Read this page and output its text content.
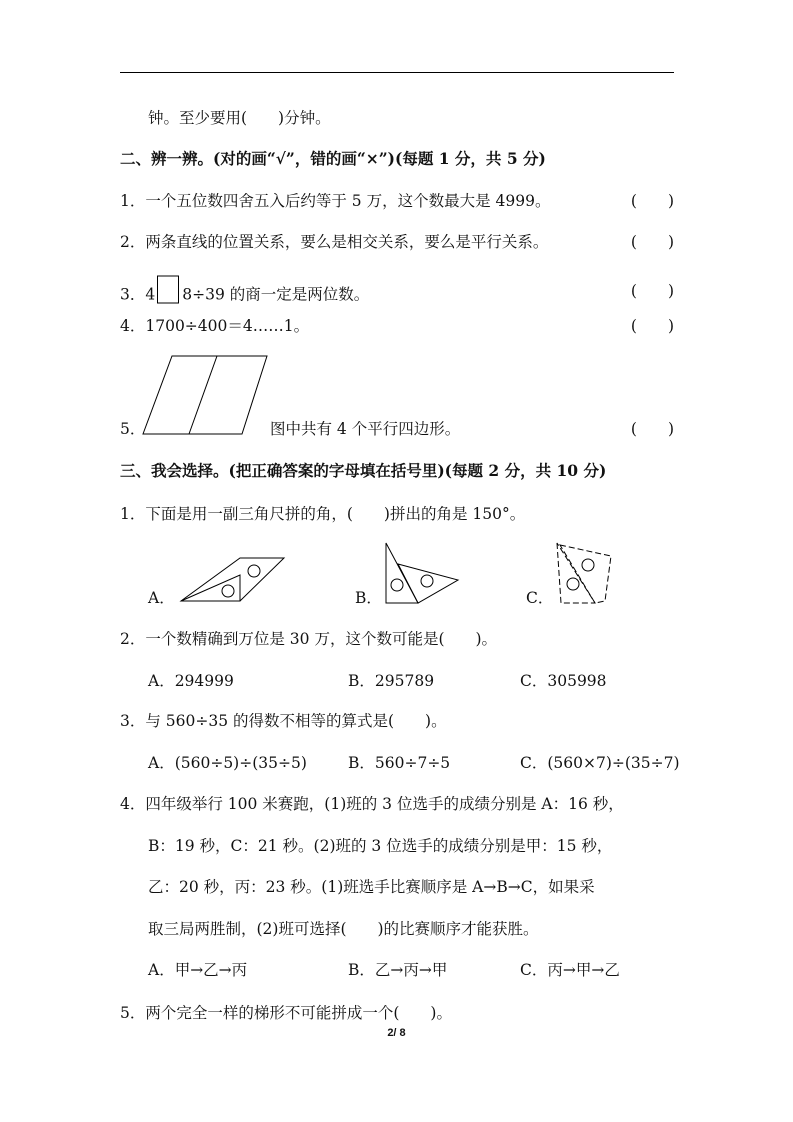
钟。至少要用(　　)分钟。
二、辨一辨。(对的画“√”，错的画“×”)(每题 1 分，共 5 分)
1．一个五位数四舍五入后约等于 5 万，这个数最大是 4999。	(　　)
2．两条直线的位置关系，要么是相交关系，要么是平行关系。	(　　)
3．4 8÷39 的商一定是两位数。	(　　)
4．1700÷400＝4……1。	(　　)
5．	图中共有 4 个平行四边形。	(　　)
三、我会选择。(把正确答案的字母填在括号里)(每题 2 分，共 10 分)
1．下面是用一副三角尺拼的角，(　　)拼出的角是 150°。
A．	B．	C．
2．一个数精确到万位是 30 万，这个数可能是(　　)。
A．294999	B．295789	C．305998
3．与 560÷35 的得数不相等的算式是(　　)。
A．(560÷5)÷(35÷5)	B．560÷7÷5	C．(560×7)÷(35÷7)
4．四年级举行 100 米赛跑，(1)班的 3 位选手的成绩分别是 A：16 秒，
B：19 秒，C：21 秒。(2)班的 3 位选手的成绩分别是甲：15 秒，
乙：20 秒，丙：23 秒。(1)班选手比赛顺序是 A→B→C，如果采
取三局两胜制，(2)班可选择(　　)的比赛顺序才能获胜。
A．甲→乙→丙	B．乙→丙→甲	C．丙→甲→乙
5．两个完全一样的梯形不可能拼成一个(　　)。
2/ 8
